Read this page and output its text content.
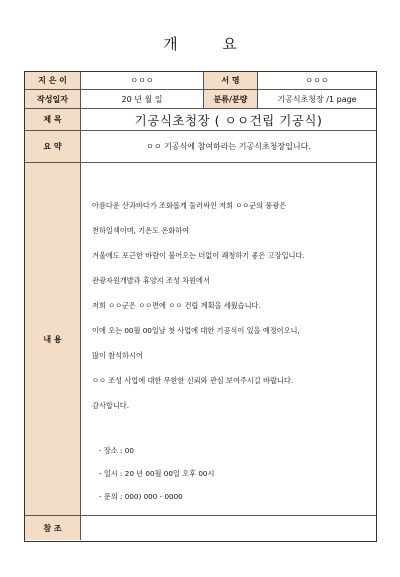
개 요
지 은 이	ㅇㅇㅇ	서 명	ㅇㅇㅇ
작성일자	20 년 월 일	분류/분량	기공식초청장 /1 page
제 목	기공식초청장 ( ㅇㅇ건립 기공식)
요 약	ㅇㅇ 기공식에 참여하라는 기공식초청장입니다.
내 용
아름다운 산과바다가 조화롭게 둘러싸인 저희 ㅇㅇ군의 풍광은
천하일색이며, 기온도 온화하여
겨울에도 포근한 바람이 불어오는 더없이 쾌청하기 좋은 고장입니다.
관광자원개발과 휴양지 조성 차원에서
저희 ㅇㅇ군은 ㅇㅇ면에 ㅇㅇ 건립 계획을 세웠습니다.
이에 오는 00월 00일날 첫 사업에 대한 기공식이 있을 예정이오니,
많이 참석하시어
ㅇㅇ 조성 사업에 대한 무한한 신뢰와 관심 보여주시길 바랍니다.
감사합니다.
- 장소 : 00
- 일시 : 20 년 00월 00일 오후 00시
- 문의 : 000) 000 - 0000
참 조
